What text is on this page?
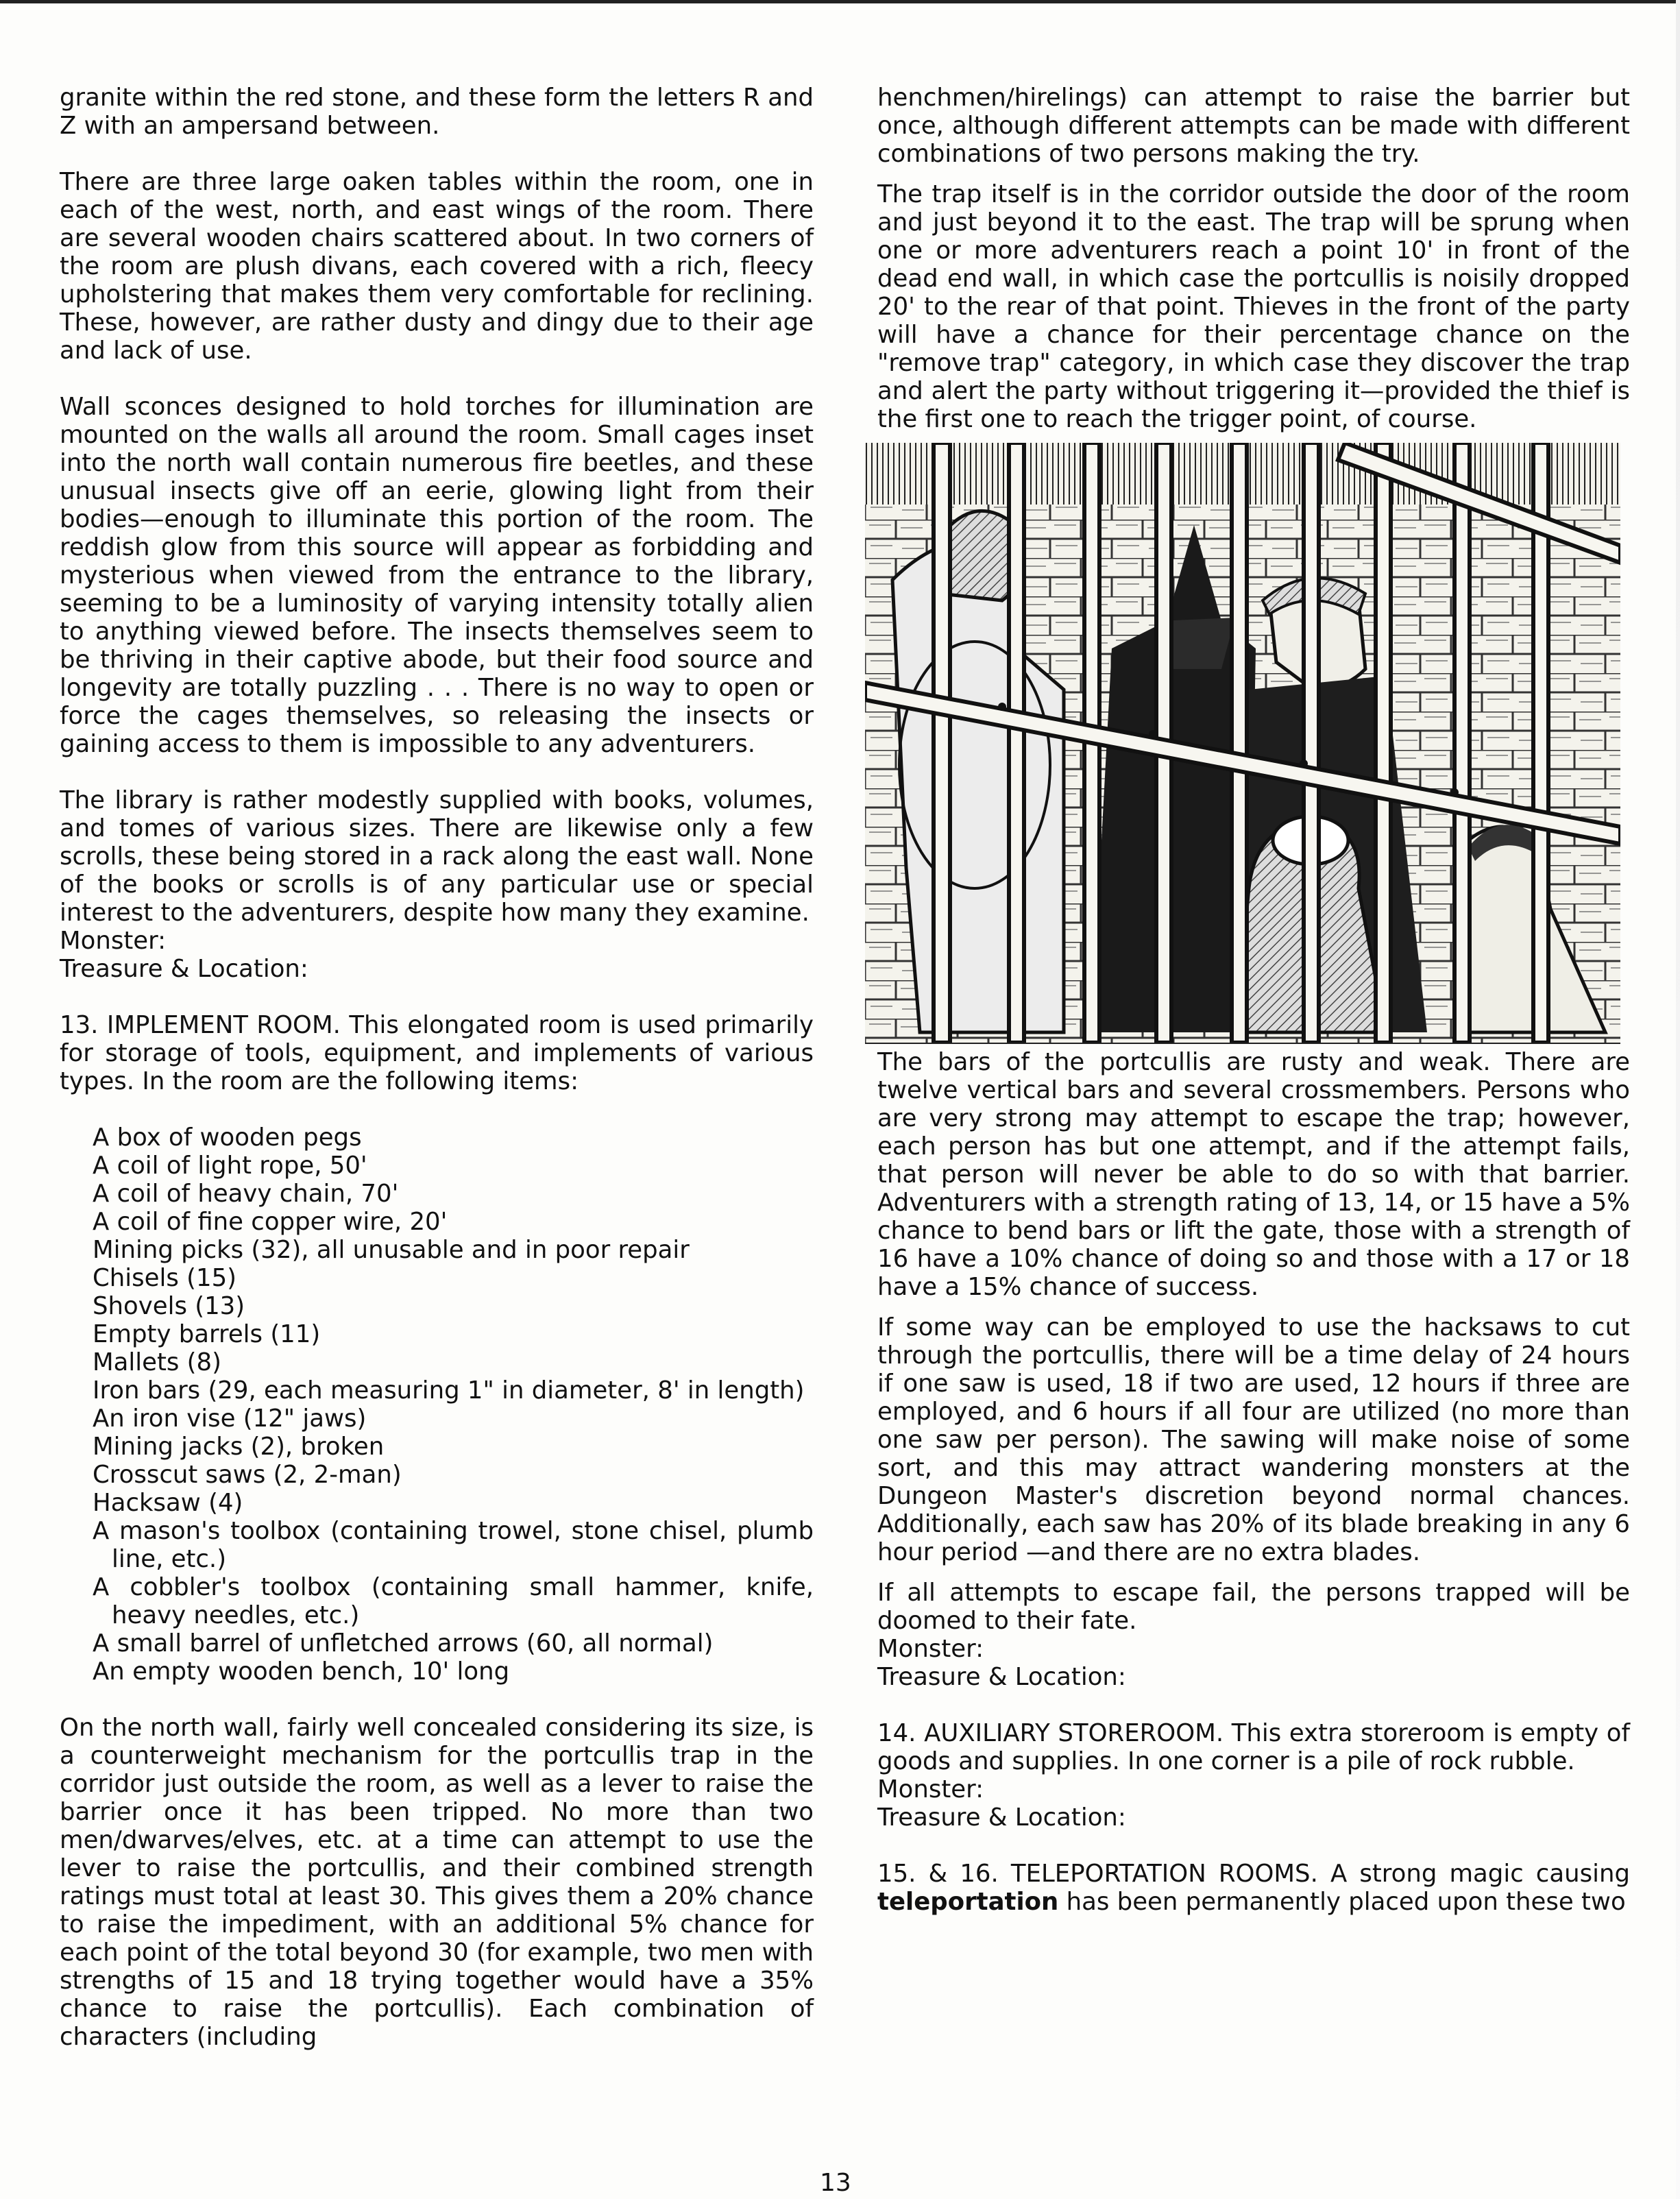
granite within the red stone, and these form the letters R and Z with an ampersand between.

There are three large oaken tables within the room, one in each of the west, north, and east wings of the room. There are several wooden chairs scattered about. In two corners of the room are plush divans, each covered with a rich, fleecy upholstering that makes them very comfortable for reclining. These, however, are rather dusty and dingy due to their age and lack of use.

Wall sconces designed to hold torches for illumination are mounted on the walls all around the room. Small cages inset into the north wall contain numerous fire beetles, and these unusual insects give off an eerie, glowing light from their bodies—enough to illuminate this portion of the room. The reddish glow from this source will appear as forbidding and mysterious when viewed from the entrance to the library, seeming to be a luminosity of varying intensity totally alien to anything viewed before. The insects themselves seem to be thriving in their captive abode, but their food source and longevity are totally puzzling . . . There is no way to open or force the cages themselves, so releasing the insects or gaining access to them is impossible to any adventurers.

The library is rather modestly supplied with books, volumes, and tomes of various sizes. There are likewise only a few scrolls, these being stored in a rack along the east wall. None of the books or scrolls is of any particular use or special interest to the adventurers, despite how many they examine.

Monster:

Treasure & Location:

13. IMPLEMENT ROOM. This elongated room is used primarily for storage of tools, equipment, and implements of various types. In the room are the following items:

A box of wooden pegs
A coil of light rope, 50'
A coil of heavy chain, 70'
A coil of fine copper wire, 20'
Mining picks (32), all unusable and in poor repair
Chisels (15)
Shovels (13)
Empty barrels (11)
Mallets (8)
Iron bars (29, each measuring 1" in diameter, 8' in length)
An iron vise (12" jaws)
Mining jacks (2), broken
Crosscut saws (2, 2-man)
Hacksaw (4)
A mason's toolbox (containing trowel, stone chisel, plumb line, etc.)
A cobbler's toolbox (containing small hammer, knife, heavy needles, etc.)
A small barrel of unfletched arrows (60, all normal)
An empty wooden bench, 10' long

On the north wall, fairly well concealed considering its size, is a counterweight mechanism for the portcullis trap in the corridor just outside the room, as well as a lever to raise the barrier once it has been tripped. No more than two men/dwarves/elves, etc. at a time can attempt to use the lever to raise the portcullis, and their combined strength ratings must total at least 30. This gives them a 20% chance to raise the impediment, with an additional 5% chance for each point of the total beyond 30 (for example, two men with strengths of 15 and 18 trying together would have a 35% chance to raise the portcullis). Each combination of characters (including

henchmen/hirelings) can attempt to raise the barrier but once, although different attempts can be made with different combinations of two persons making the try.

The trap itself is in the corridor outside the door of the room and just beyond it to the east. The trap will be sprung when one or more adventurers reach a point 10' in front of the dead end wall, in which case the portcullis is noisily dropped 20' to the rear of that point. Thieves in the front of the party will have a chance for their percentage chance on the "remove trap" category, in which case they discover the trap and alert the party without triggering it—provided the thief is the first one to reach the trigger point, of course.

The bars of the portcullis are rusty and weak. There are twelve vertical bars and several crossmembers. Persons who are very strong may attempt to escape the trap; however, each person has but one attempt, and if the attempt fails, that person will never be able to do so with that barrier. Adventurers with a strength rating of 13, 14, or 15 have a 5% chance to bend bars or lift the gate, those with a strength of 16 have a 10% chance of doing so and those with a 17 or 18 have a 15% chance of success.

If some way can be employed to use the hacksaws to cut through the portcullis, there will be a time delay of 24 hours if one saw is used, 18 if two are used, 12 hours if three are employed, and 6 hours if all four are utilized (no more than one saw per person). The sawing will make noise of some sort, and this may attract wandering monsters at the Dungeon Master's discretion beyond normal chances. Additionally, each saw has 20% of its blade breaking in any 6 hour period —and there are no extra blades.

If all attempts to escape fail, the persons trapped will be doomed to their fate.

Monster:

Treasure & Location:

14. AUXILIARY STOREROOM. This extra storeroom is empty of goods and supplies. In one corner is a pile of rock rubble.

Monster:

Treasure & Location:

15. & 16. TELEPORTATION ROOMS. A strong magic causing teleportation has been permanently placed upon these two

13
